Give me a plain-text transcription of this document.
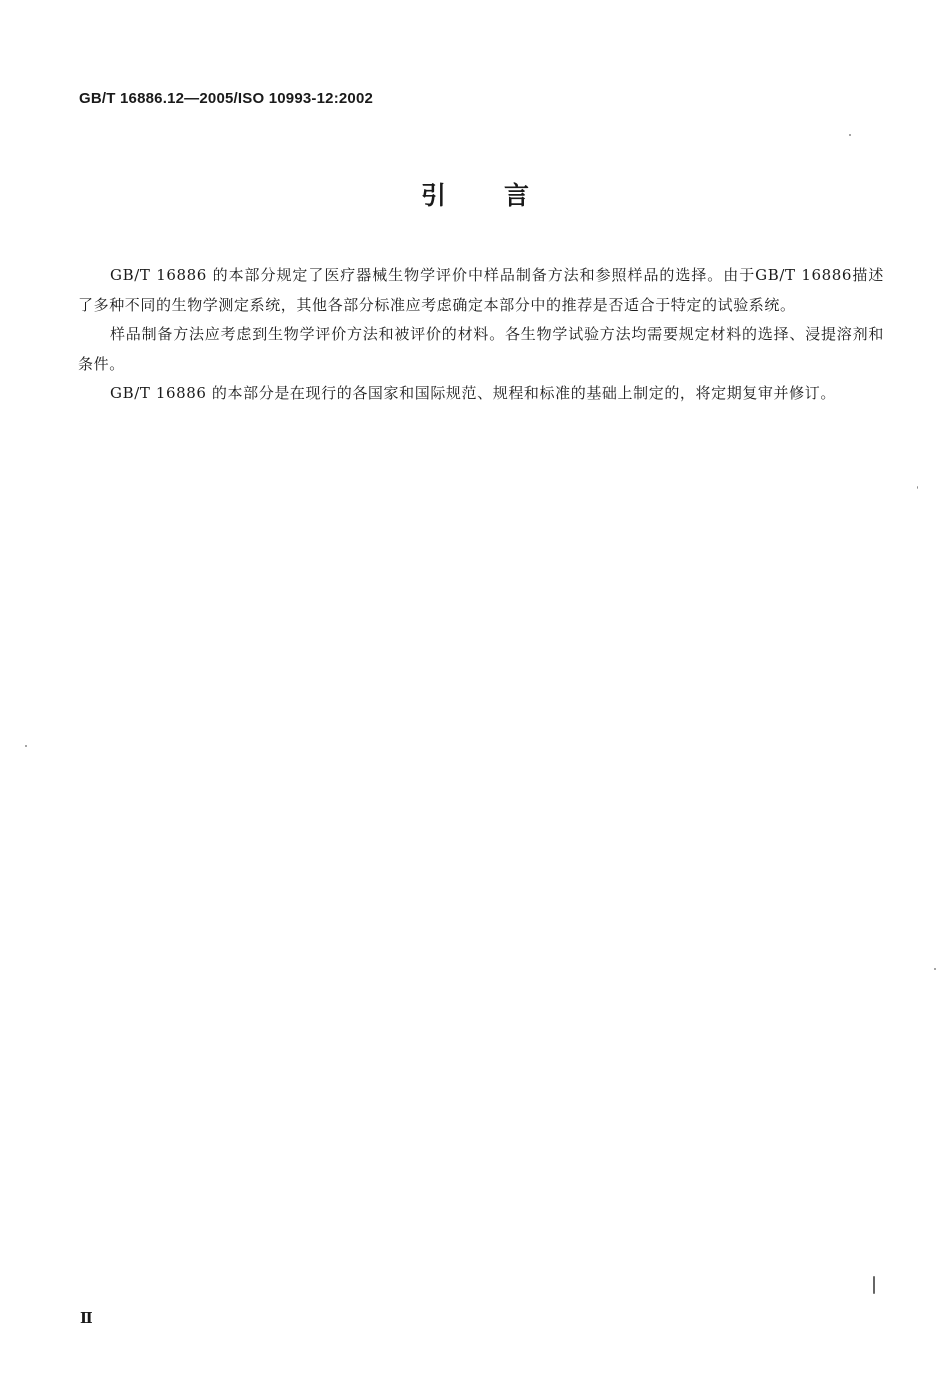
GB/T 16886.12—2005/ISO 10993-12:2002
引 言

GB/T 16886 的本部分规定了医疗器械生物学评价中样品制备方法和参照样品的选择。由于GB/T 16886描述了多种不同的生物学测定系统，其他各部分标准应考虑确定本部分中的推荐是否适合于特定的试验系统。

样品制备方法应考虑到生物学评价方法和被评价的材料。各生物学试验方法均需要规定材料的选择、浸提溶剂和条件。

GB/T 16886 的本部分是在现行的各国家和国际规范、规程和标准的基础上制定的，将定期复审并修订。

Ⅱ
